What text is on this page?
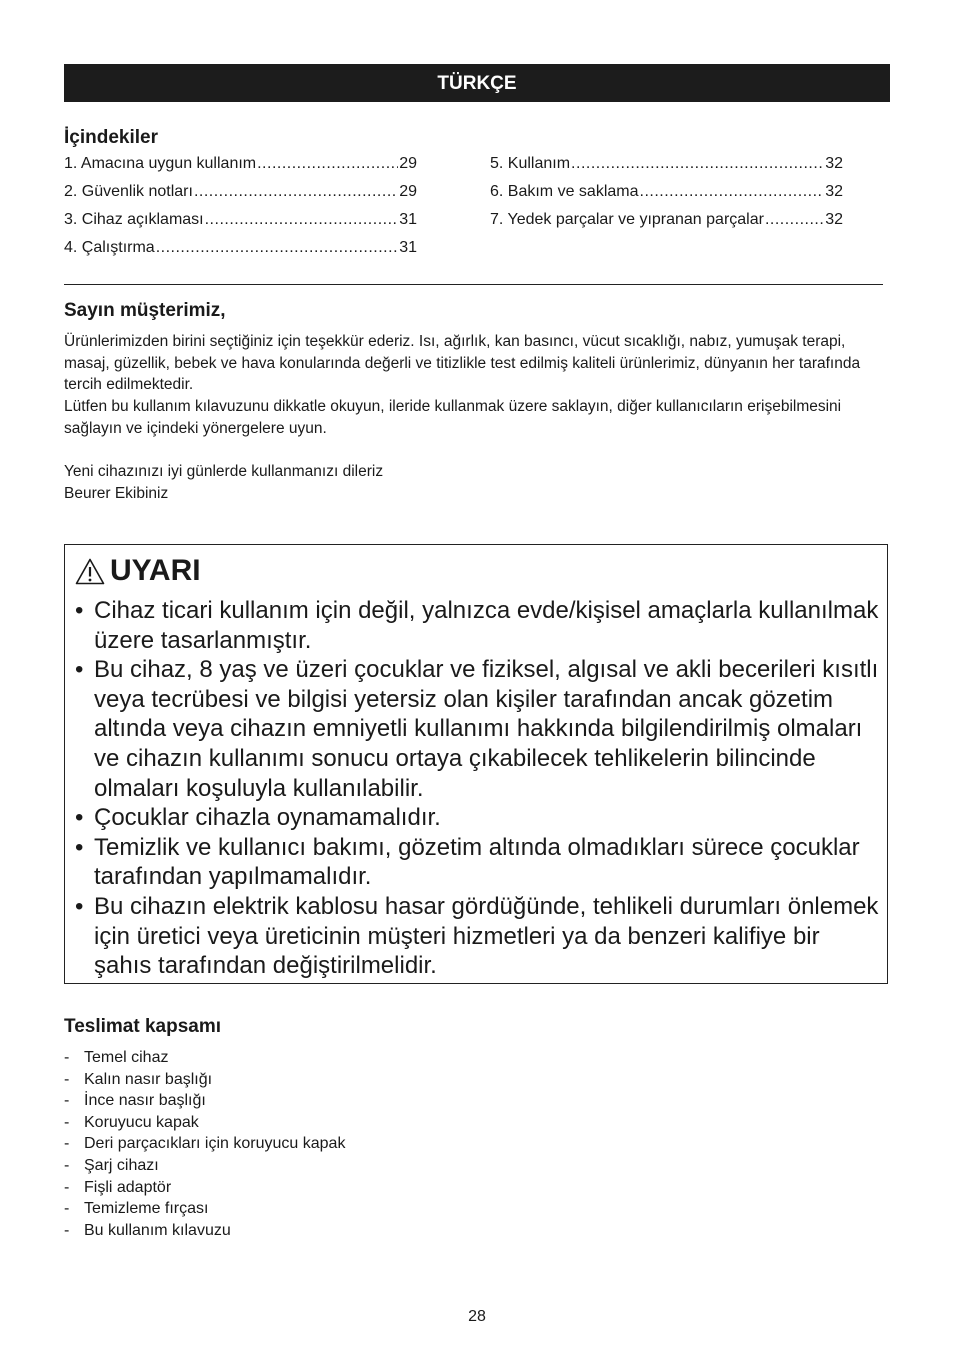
TÜRKÇE
İçindekiler
1. Amacına uygun kullanım .....	29
2. Güvenlik notları .....	29
3. Cihaz açıklaması .....	31
4. Çalıştırma .....	31
5. Kullanım .....	32
6. Bakım ve saklama .....	32
7. Yedek parçalar ve yıpranan parçalar .....	32
Sayın müşterimiz,

Ürünlerimizden birini seçtiğiniz için teşekkür ederiz. Isı, ağırlık, kan basıncı, vücut sıcaklığı, nabız, yumuşak terapi, masaj, güzellik, bebek ve hava konularında değerli ve titizlikle test edilmiş kaliteli ürünlerimiz, dünyanın her tarafında tercih edilmektedir.

Lütfen bu kullanım kılavuzunu dikkatle okuyun, ileride kullanmak üzere saklayın, diğer kullanıcıların erişebilmesini sağlayın ve içindeki yönergelere uyun.

Yeni cihazınızı iyi günlerde kullanmanızı dileriz

Beurer Ekibiniz

UYARI
• Cihaz ticari kullanım için değil, yalnızca evde/kişisel amaçlarla kullanılmak üzere tasarlanmıştır.
• Bu cihaz, 8 yaş ve üzeri çocuklar ve fiziksel, algısal ve akli becerileri kısıtlı veya tecrübesi ve bilgisi yetersiz olan kişiler tarafından ancak gözetim altında veya cihazın emniyetli kullanımı hakkında bilgilendirilmiş olmaları ve cihazın kullanımı sonucu ortaya çıkabilecek tehlikelerin bilincinde olmaları koşuluyla kullanılabilir.
• Çocuklar cihazla oynamamalıdır.
• Temizlik ve kullanıcı bakımı, gözetim altında olmadıkları sürece çocuklar tarafından yapılmamalıdır.
• Bu cihazın elektrik kablosu hasar gördüğünde, tehlikeli durumları önlemek için üretici veya üreticinin müşteri hizmetleri ya da benzeri kalifiye bir şahıs tarafından değiştirilmelidir.
Teslimat kapsamı
- Temel cihaz
- Kalın nasır başlığı
- İnce nasır başlığı
- Koruyucu kapak
- Deri parçacıkları için koruyucu kapak
- Şarj cihazı
- Fişli adaptör
- Temizleme fırçası
- Bu kullanım kılavuzu
28
